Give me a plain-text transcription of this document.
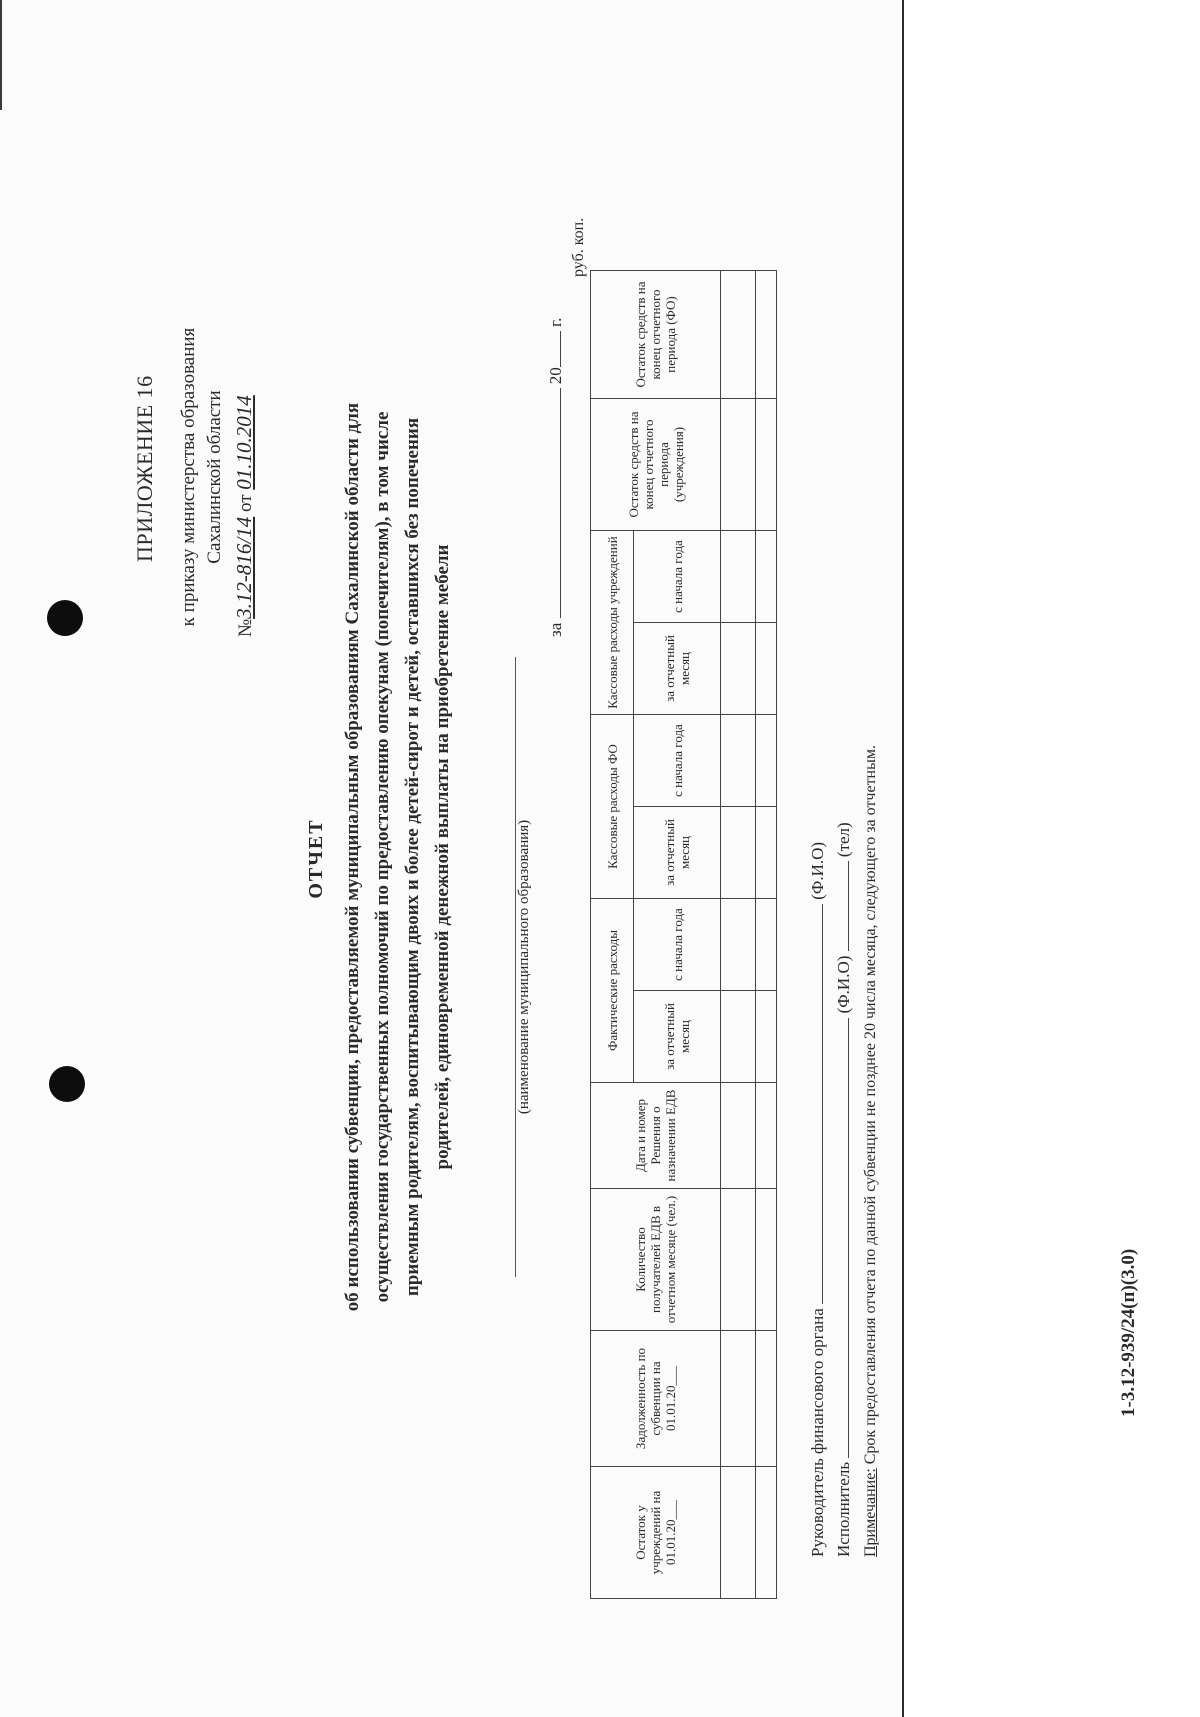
ПРИЛОЖЕНИЕ 16 к приказу министерства образования Сахалинской области
№3.12-816/14 от 01.10.2014
ОТЧЕТ об использовании субвенции, предоставляемой муниципальным образованиям Сахалинской области для осуществления государственных полномочий по предоставлению опекунам (попечителям), в том числе приемным родителям, воспитывающим двоих и более детей-сирот и детей, оставшихся без попечения родителей, единовременной денежной выплаты на приобретение мебели	(наименование муниципального образования)
за  20 г.
руб. коп.
Остаток у учреждений на 01.01.20___	Задолженность по субвенции на 01.01.20___	Количество получателей ЕДВ в отчетном месяце (чел.)	Дата и номер Решения о назначении ЕДВ	Фактические расходы		Кассовые расходы ФО		Кассовые расходы учреждений		Остаток средств на конец отчетного периода (учреждения)	Остаток средств на конец отчетного периода (ФО)
				за отчетный месяц	с начала года	за отчетный месяц	с начала года	за отчетный месяц	с начала года		

Руководитель финансового органа  (Ф.И.О)
Исполнитель  (Ф.И.О)  (тел)
Примечание: Срок предоставления отчета по данной субвенции не позднее 20 числа месяца, следующего за отчетным.	1-3.12-939/24(п)(3.0)
